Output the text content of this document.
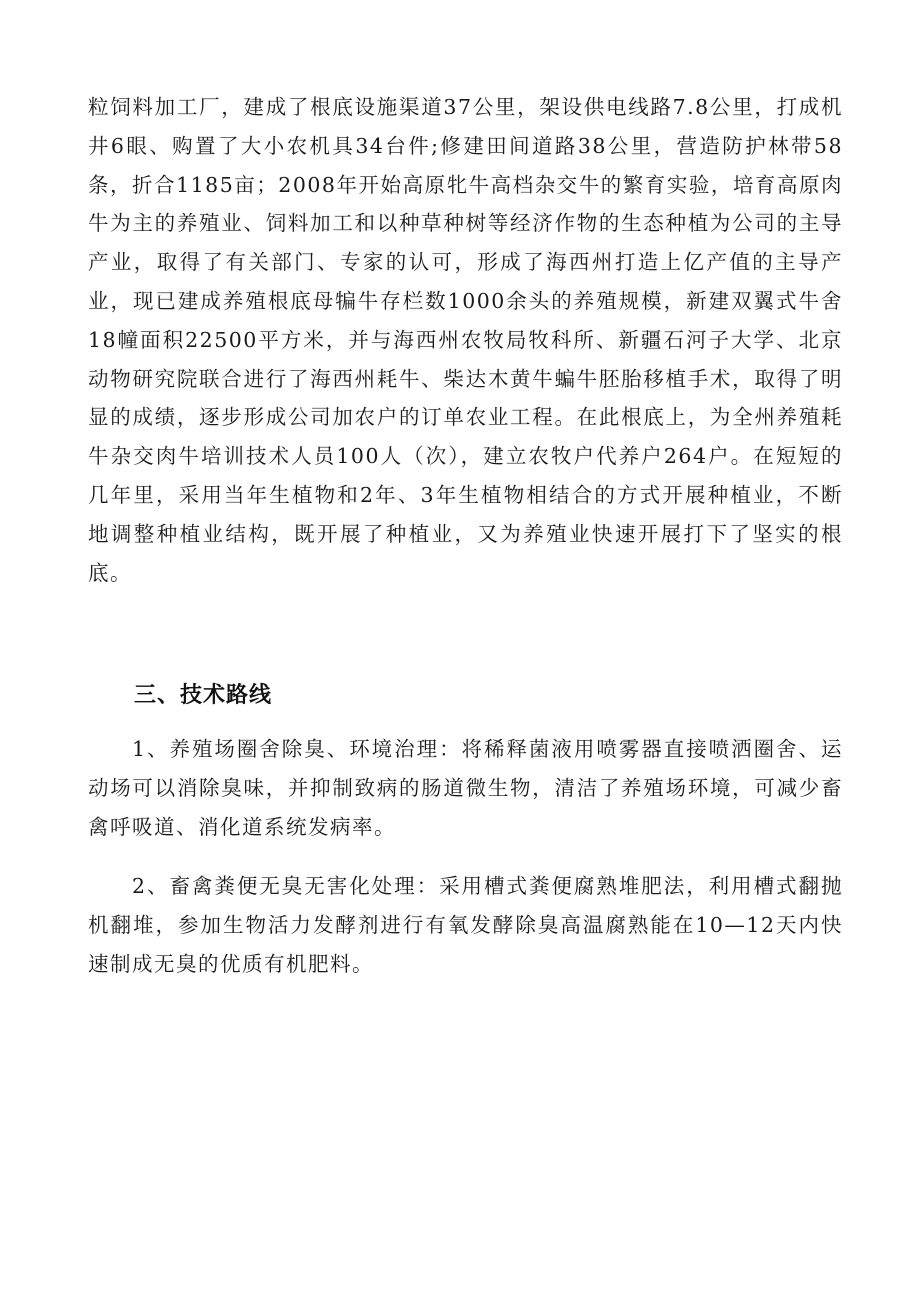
粒饲料加工厂，建成了根底设施渠道37公里，架设供电线路7.8公里，打成机井6眼、购置了大小农机具34台件;修建田间道路38公里，营造防护林带58条，折合1185亩；2008年开始高原牝牛高档杂交牛的繁育实验，培育高原肉牛为主的养殖业、饲料加工和以种草种树等经济作物的生态种植为公司的主导产业，取得了有关部门、专家的认可，形成了海西州打造上亿产值的主导产业，现已建成养殖根底母犏牛存栏数1000余头的养殖规模，新建双翼式牛舍18幢面积22500平方米，并与海西州农牧局牧科所、新疆石河子大学、北京动物研究院联合进行了海西州耗牛、柴达木黄牛蝙牛胚胎移植手术，取得了明显的成绩，逐步形成公司加农户的订单农业工程。在此根底上，为全州养殖耗牛杂交肉牛培训技术人员100人（次），建立农牧户代养户264户。在短短的几年里，采用当年生植物和2年、3年生植物相结合的方式开展种植业，不断地调整种植业结构，既开展了种植业，又为养殖业快速开展打下了坚实的根底。

三、技术路线

1、养殖场圈舍除臭、环境治理：将稀释菌液用喷雾器直接喷洒圈舍、运动场可以消除臭味，并抑制致病的肠道微生物，清洁了养殖场环境，可减少畜禽呼吸道、消化道系统发病率。

2、畜禽粪便无臭无害化处理：采用槽式粪便腐熟堆肥法，利用槽式翻抛机翻堆，参加生物活力发酵剂进行有氧发酵除臭高温腐熟能在10—12天内快速制成无臭的优质有机肥料。
